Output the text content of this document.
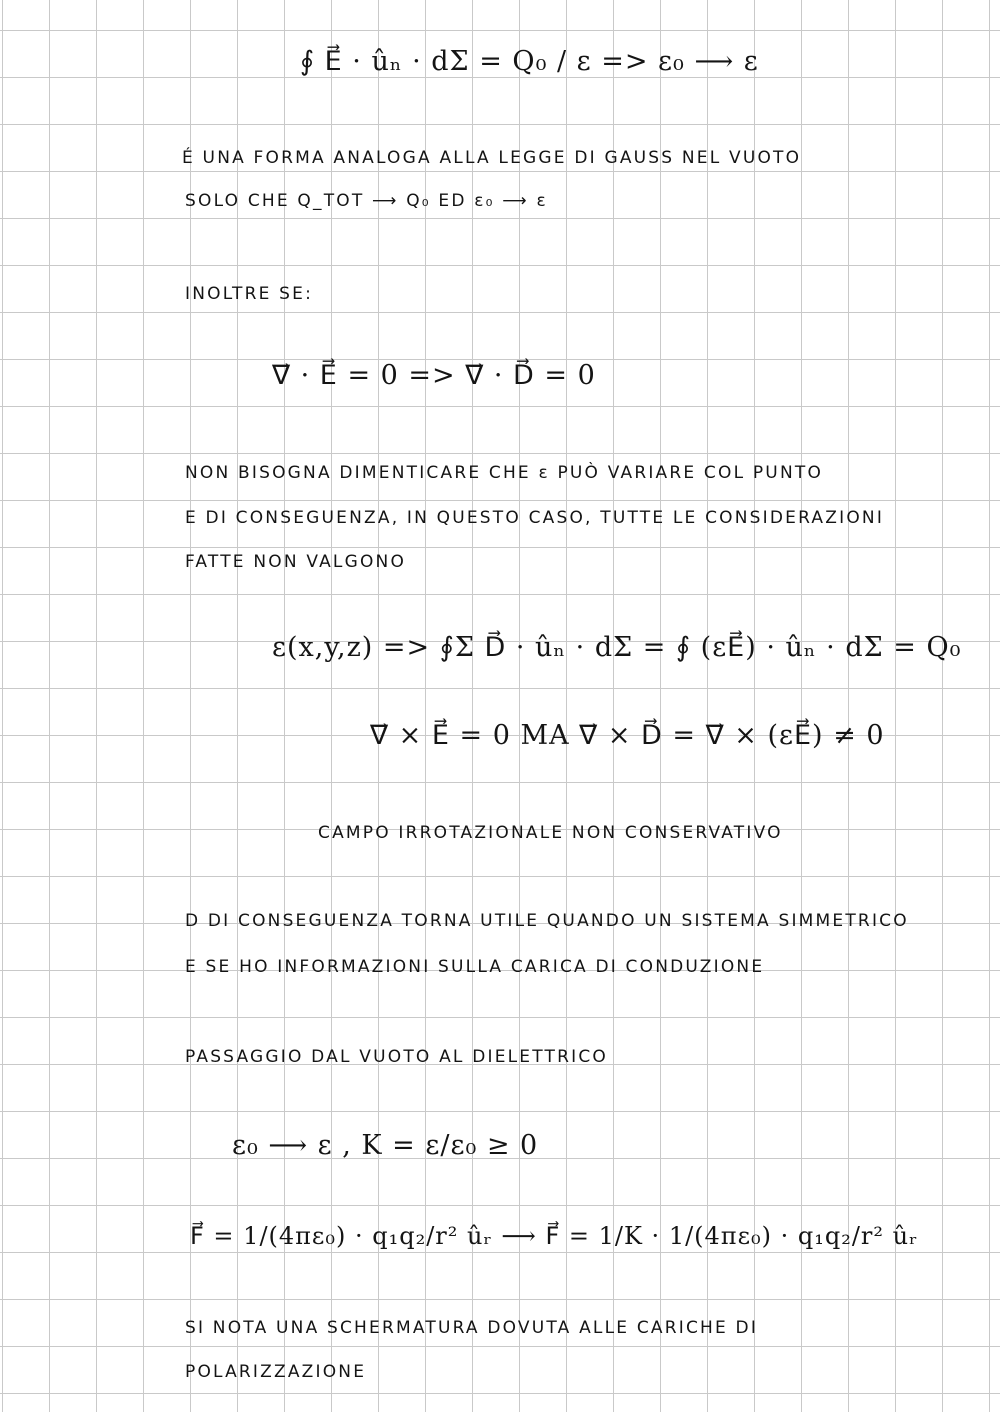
∮ E⃗ · ûₙ · dΣ = Q₀ / ε => ε₀ ⟶ ε
É UNA FORMA ANALOGA ALLA LEGGE DI GAUSS NEL VUOTO
SOLO CHE Q_TOT ⟶ Q₀ ED ε₀ ⟶ ε
INOLTRE SE:
∇⃗ · E⃗ = 0 => ∇⃗ · D⃗ = 0
NON BISOGNA DIMENTICARE CHE ε PUÒ VARIARE COL PUNTO
E DI CONSEGUENZA, IN QUESTO CASO, TUTTE LE CONSIDERAZIONI
FATTE NON VALGONO
ε(x,y,z) => ∮Σ D⃗ · ûₙ · dΣ = ∮ (εE⃗) · ûₙ · dΣ = Q₀
∇⃗ × E⃗ = 0 MA ∇⃗ × D⃗ = ∇⃗ × (εE⃗) ≠ 0
CAMPO IRROTAZIONALE NON CONSERVATIVO
D DI CONSEGUENZA TORNA UTILE QUANDO UN SISTEMA SIMMETRICO
E SE HO INFORMAZIONI SULLA CARICA DI CONDUZIONE
PASSAGGIO DAL VUOTO AL DIELETTRICO
ε₀ ⟶ ε , K = ε/ε₀ ≥ 0
F⃗ = 1/(4πε₀) · q₁q₂/r² ûᵣ ⟶ F⃗ = 1/K · 1/(4πε₀) · q₁q₂/r² ûᵣ
SI NOTA UNA SCHERMATURA DOVUTA ALLE CARICHE DI
POLARIZZAZIONE
